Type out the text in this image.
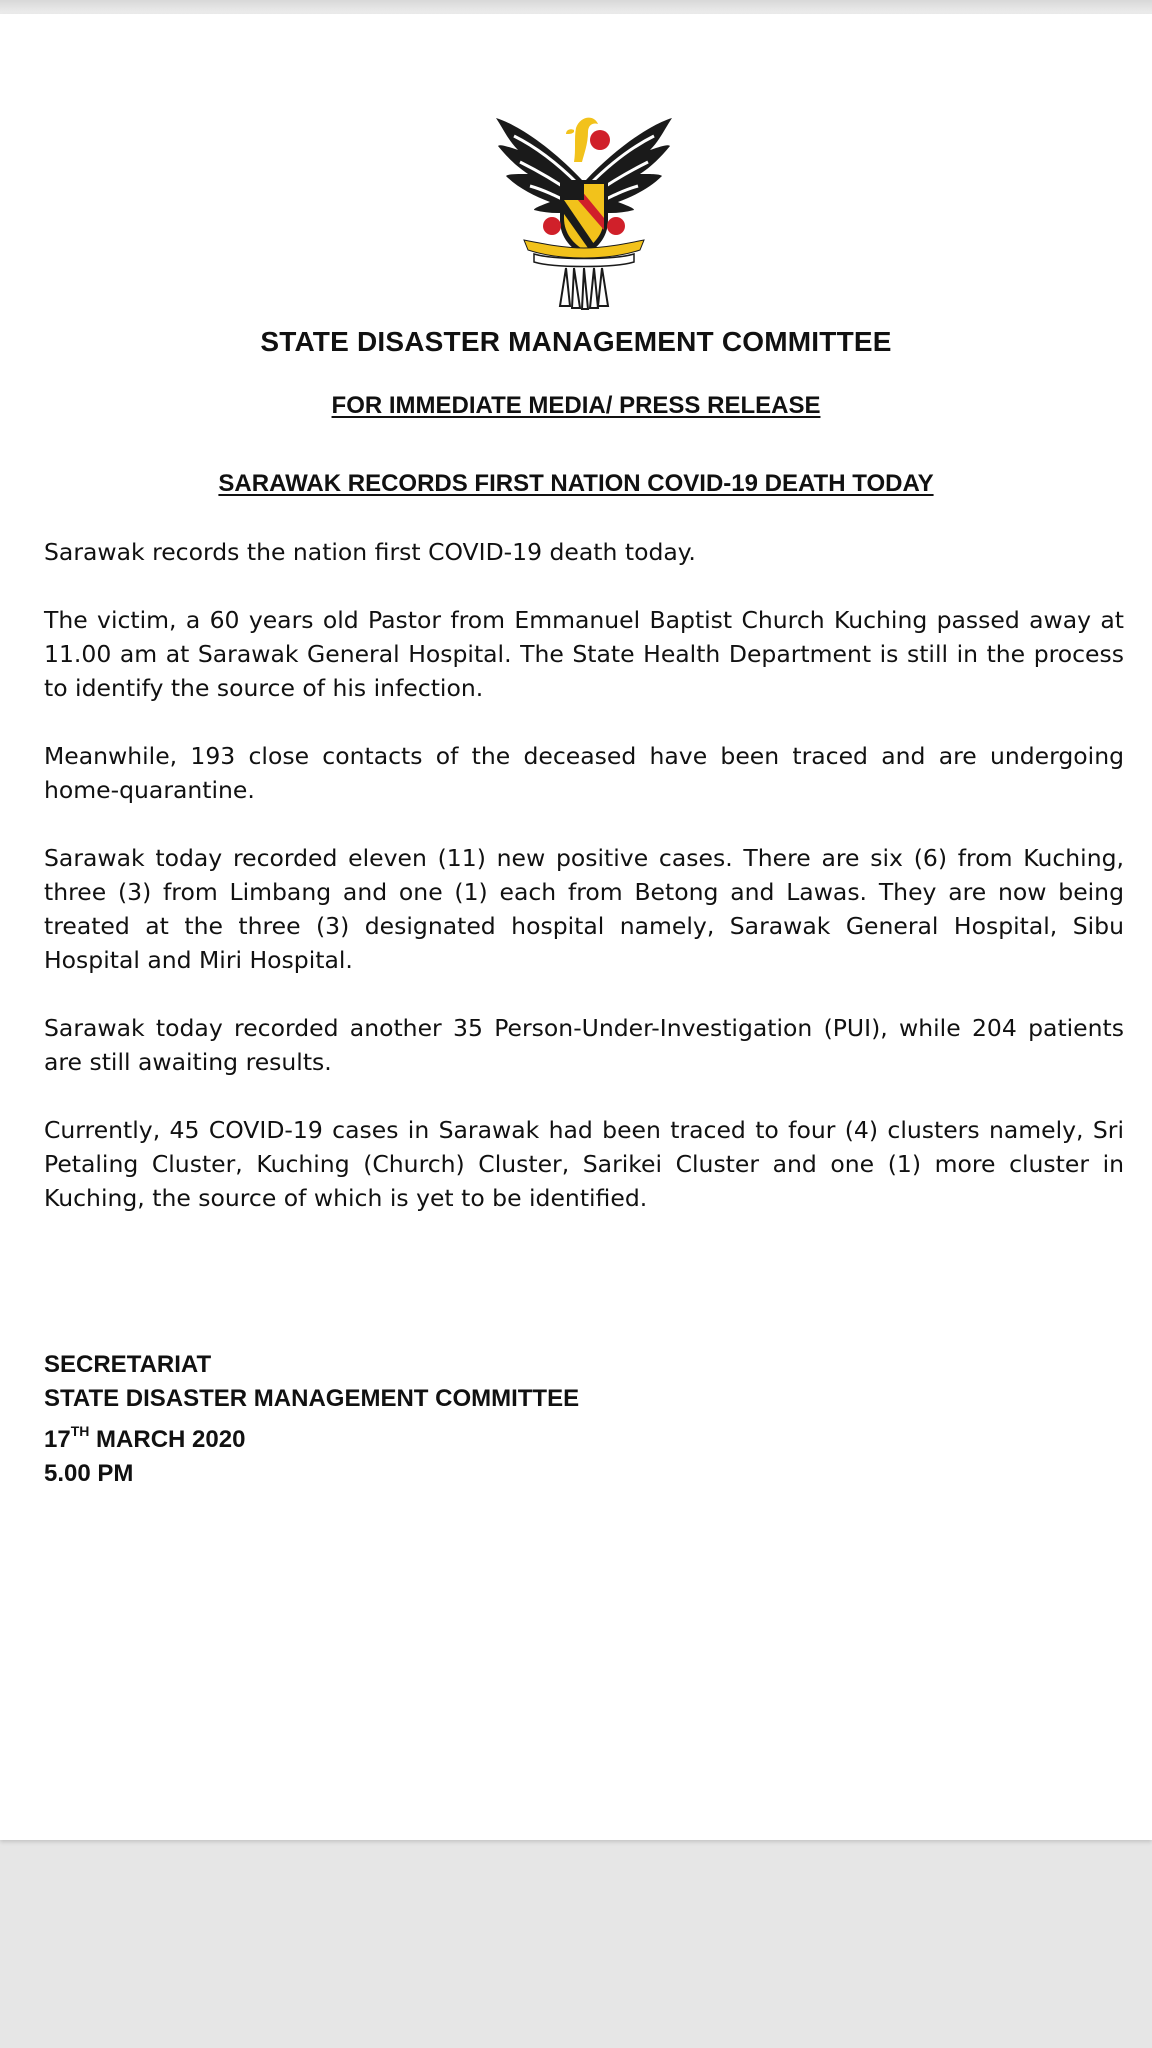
STATE DISASTER MANAGEMENT COMMITTEE
FOR IMMEDIATE MEDIA/ PRESS RELEASE
SARAWAK RECORDS FIRST NATION COVID-19 DEATH TODAY

Sarawak records the nation first COVID-19 death today.

The victim, a 60 years old Pastor from Emmanuel Baptist Church Kuching passed away at 11.00 am at Sarawak General Hospital. The State Health Department is still in the process to identify the source of his infection.

Meanwhile, 193 close contacts of the deceased have been traced and are undergoing home-quarantine.

Sarawak today recorded eleven (11) new positive cases. There are six (6) from Kuching, three (3) from Limbang and one (1) each from Betong and Lawas. They are now being treated at the three (3) designated hospital namely, Sarawak General Hospital, Sibu Hospital and Miri Hospital.

Sarawak today recorded another 35 Person-Under-Investigation (PUI), while 204 patients are still awaiting results.

Currently, 45 COVID-19 cases in Sarawak had been traced to four (4) clusters namely, Sri Petaling Cluster, Kuching (Church) Cluster, Sarikei Cluster and one (1) more cluster in Kuching, the source of which is yet to be identified.

SECRETARIAT
STATE DISASTER MANAGEMENT COMMITTEE
17TH MARCH 2020
5.00 PM
